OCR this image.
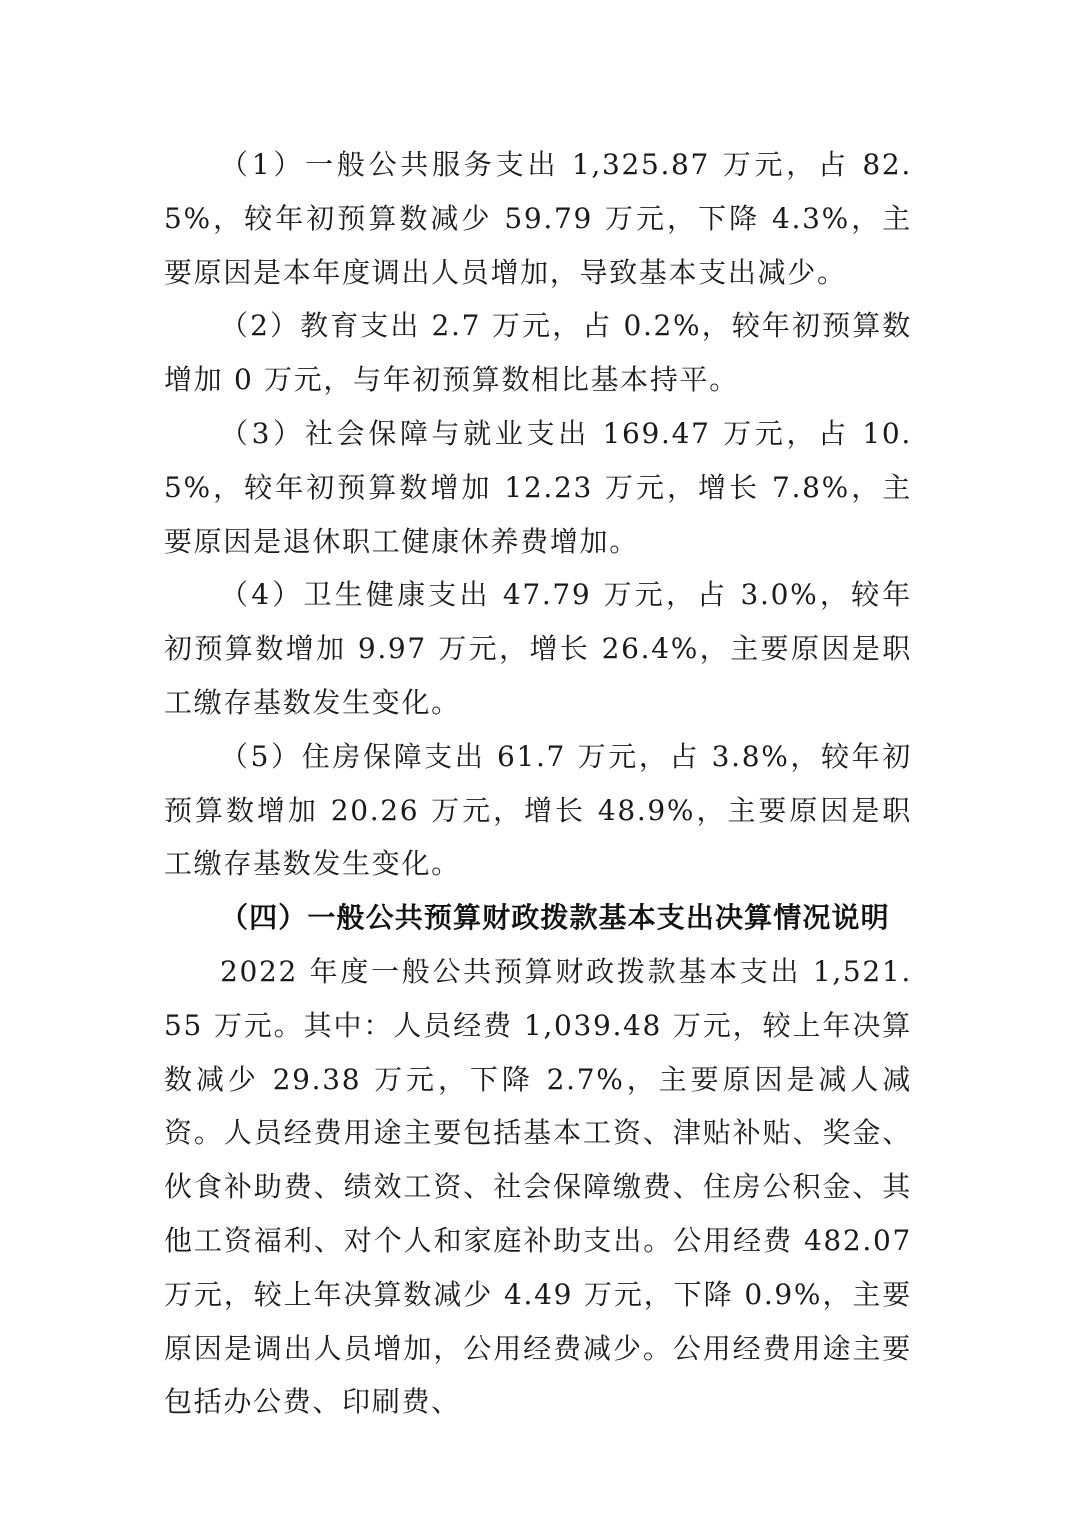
（1）一般公共服务支出 1,325.87 万元，占 82.5%，较年初预算数减少 59.79 万元，下降 4.3%，主要原因是本年度调出人员增加，导致基本支出减少。

（2）教育支出 2.7 万元，占 0.2%，较年初预算数增加 0 万元，与年初预算数相比基本持平。

（3）社会保障与就业支出 169.47 万元，占 10.5%，较年初预算数增加 12.23 万元，增长 7.8%，主要原因是退休职工健康休养费增加。

（4）卫生健康支出 47.79 万元，占 3.0%，较年初预算数增加 9.97 万元，增长 26.4%，主要原因是职工缴存基数发生变化。

（5）住房保障支出 61.7 万元，占 3.8%，较年初预算数增加 20.26 万元，增长 48.9%，主要原因是职工缴存基数发生变化。

（四）一般公共预算财政拨款基本支出决算情况说明

2022 年度一般公共预算财政拨款基本支出 1,521.55 万元。其中：人员经费 1,039.48 万元，较上年决算数减少 29.38 万元，下降 2.7%，主要原因是减人减资。人员经费用途主要包括基本工资、津贴补贴、奖金、伙食补助费、绩效工资、社会保障缴费、住房公积金、其他工资福利、对个人和家庭补助支出。公用经费 482.07 万元，较上年决算数减少 4.49 万元，下降 0.9%，主要原因是调出人员增加，公用经费减少。公用经费用途主要包括办公费、印刷费、
